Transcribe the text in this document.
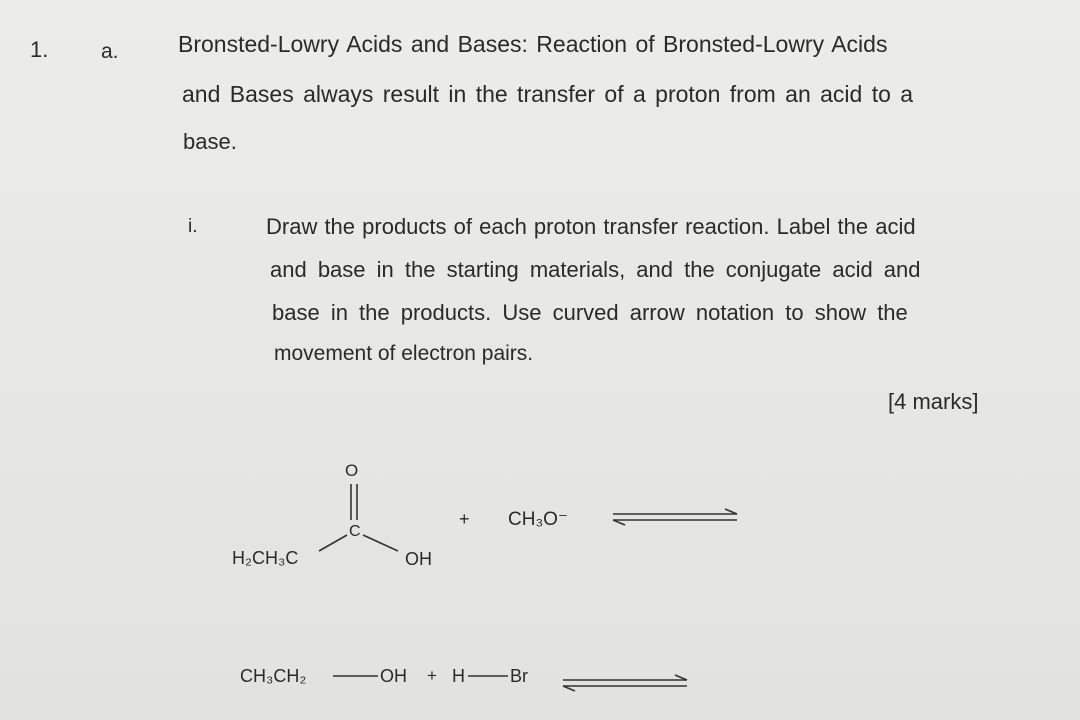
1.	a.	Bronsted-Lowry Acids and Bases: Reaction of Bronsted-Lowry Acids
and Bases always result in the transfer of a proton from an acid to a
base.
i.	Draw the products of each proton transfer reaction. Label the acid
and base in the starting materials, and the conjugate acid and
base in the products. Use curved arrow notation to show the
movement of electron pairs.
[4 marks]
H₂CH₃C
O
C
OH
+ CH₃O⁻
CH₃CH₂	OH + H	Br
